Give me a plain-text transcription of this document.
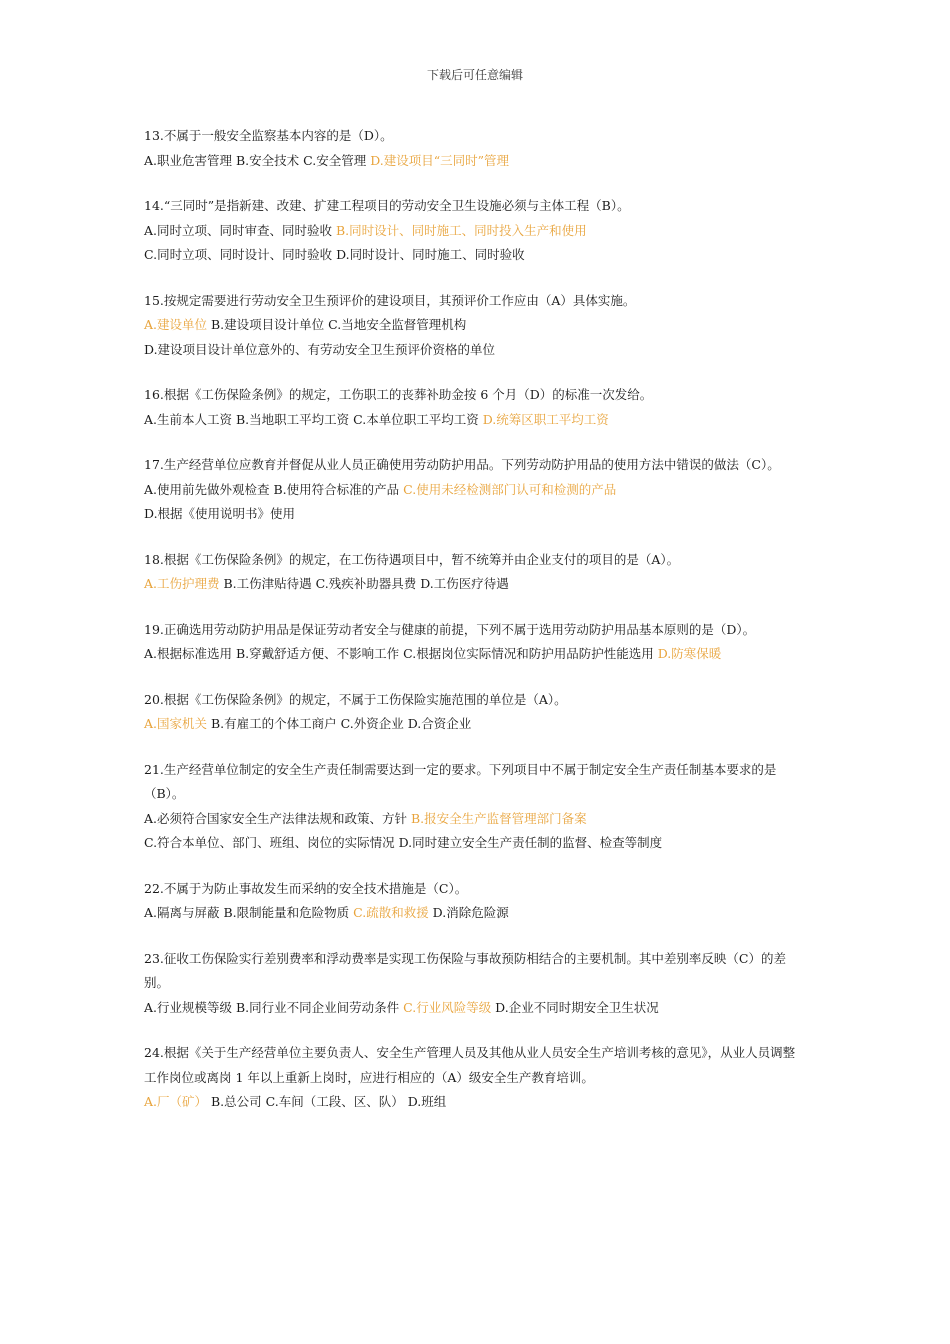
下载后可任意编辑

13.不属于一般安全监察基本内容的是（D）。

A.职业危害管理 B.安全技术 C.安全管理 D.建设项目“三同时”管理

14.“三同时”是指新建、改建、扩建工程项目的劳动安全卫生设施必须与主体工程（B）。

A.同时立项、同时审查、同时验收 B.同时设计、同时施工、同时投入生产和使用

C.同时立项、同时设计、同时验收 D.同时设计、同时施工、同时验收

15.按规定需要进行劳动安全卫生预评价的建设项目，其预评价工作应由（A）具体实施。

A.建设单位 B.建设项目设计单位 C.当地安全监督管理机构

D.建设项目设计单位意外的、有劳动安全卫生预评价资格的单位

16.根据《工伤保险条例》的规定，工伤职工的丧葬补助金按 6 个月（D）的标准一次发给。

A.生前本人工资 B.当地职工平均工资 C.本单位职工平均工资 D.统筹区职工平均工资

17.生产经营单位应教育并督促从业人员正确使用劳动防护用品。下列劳动防护用品的使用方法中错误的做法（C）。

A.使用前先做外观检查 B.使用符合标准的产品 C.使用未经检测部门认可和检测的产品

D.根据《使用说明书》使用

18.根据《工伤保险条例》的规定，在工伤待遇项目中，暂不统筹并由企业支付的项目的是（A）。

A.工伤护理费 B.工伤津贴待遇 C.残疾补助器具费 D.工伤医疗待遇

19.正确选用劳动防护用品是保证劳动者安全与健康的前提，下列不属于选用劳动防护用品基本原则的是（D）。

A.根据标准选用 B.穿戴舒适方便、不影响工作 C.根据岗位实际情况和防护用品防护性能选用 D.防寒保暖

20.根据《工伤保险条例》的规定，不属于工伤保险实施范围的单位是（A）。

A.国家机关 B.有雇工的个体工商户 C.外资企业 D.合资企业

21.生产经营单位制定的安全生产责任制需要达到一定的要求。下列项目中不属于制定安全生产责任制基本要求的是（B）。

A.必须符合国家安全生产法律法规和政策、方针 B.报安全生产监督管理部门备案

C.符合本单位、部门、班组、岗位的实际情况 D.同时建立安全生产责任制的监督、检查等制度

22.不属于为防止事故发生而采纳的安全技术措施是（C）。

A.隔离与屏蔽 B.限制能量和危险物质 C.疏散和救援 D.消除危险源

23.征收工伤保险实行差别费率和浮动费率是实现工伤保险与事故预防相结合的主要机制。其中差别率反映（C）的差别。

A.行业规模等级 B.同行业不同企业间劳动条件 C.行业风险等级 D.企业不同时期安全卫生状况

24.根据《关于生产经营单位主要负责人、安全生产管理人员及其他从业人员安全生产培训考核的意见》，从业人员调整工作岗位或离岗 1 年以上重新上岗时，应进行相应的（A）级安全生产教育培训。

A.厂（矿） B.总公司 C.车间（工段、区、队） D.班组
